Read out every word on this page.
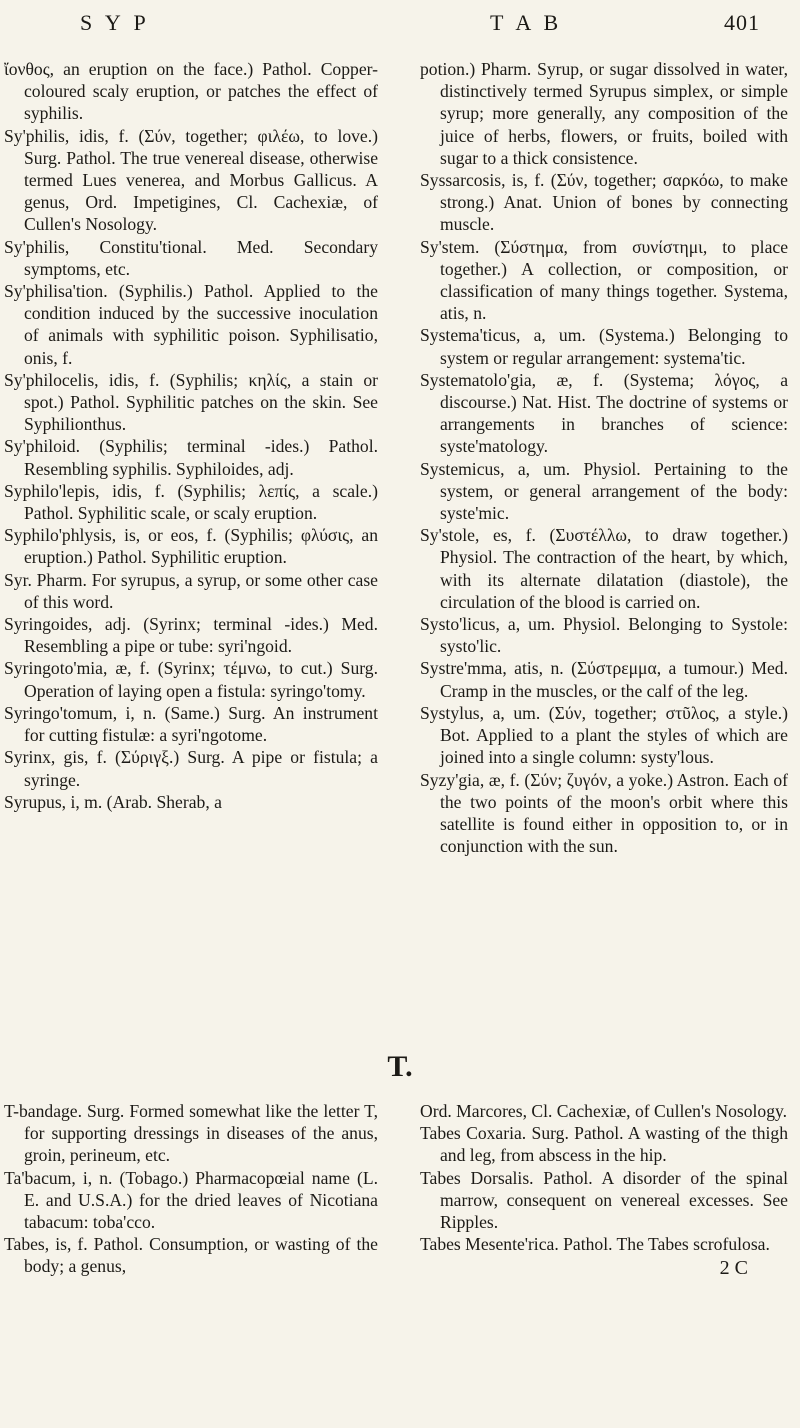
S Y P	T A B	401

ἴονθος, an eruption on the face.) Pathol. Copper-coloured scaly eruption, or patches the effect of syphilis.

Sy'philis, idis, f. (Σύν, together; φιλέω, to love.) Surg. Pathol. The true venereal disease, otherwise termed Lues venerea, and Morbus Gallicus. A genus, Ord. Impetigines, Cl. Cachexiæ, of Cullen's Nosology.

Sy'philis, Constitu'tional. Med. Secondary symptoms, etc.

Sy'philisa'tion. (Syphilis.) Pathol. Applied to the condition induced by the successive inoculation of animals with syphilitic poison. Syphilisatio, onis, f.

Sy'philocelis, idis, f. (Syphilis; κηλίς, a stain or spot.) Pathol. Syphilitic patches on the skin. See Syphilionthus.

Sy'philoid. (Syphilis; terminal -ides.) Pathol. Resembling syphilis. Syphiloides, adj.

Syphilo'lepis, idis, f. (Syphilis; λεπίς, a scale.) Pathol. Syphilitic scale, or scaly eruption.

Syphilo'phlysis, is, or eos, f. (Syphilis; φλύσις, an eruption.) Pathol. Syphilitic eruption.

Syr. Pharm. For syrupus, a syrup, or some other case of this word.

Syringoides, adj. (Syrinx; terminal -ides.) Med. Resembling a pipe or tube: syri'ngoid.

Syringoto'mia, æ, f. (Syrinx; τέμνω, to cut.) Surg. Operation of laying open a fistula: syringo'tomy.

Syringo'tomum, i, n. (Same.) Surg. An instrument for cutting fistulæ: a syri'ngotome.

Syrinx, gis, f. (Σύριγξ.) Surg. A pipe or fistula; a syringe.

Syrupus, i, m. (Arab. Sherab, a

potion.) Pharm. Syrup, or sugar dissolved in water, distinctively termed Syrupus simplex, or simple syrup; more generally, any composition of the juice of herbs, flowers, or fruits, boiled with sugar to a thick consistence.

Syssarcosis, is, f. (Σύν, together; σαρκόω, to make strong.) Anat. Union of bones by connecting muscle.

Sy'stem. (Σύστημα, from συνίστημι, to place together.) A collection, or composition, or classification of many things together. Systema, atis, n.

Systema'ticus, a, um. (Systema.) Belonging to system or regular arrangement: systema'tic.

Systematolo'gia, æ, f. (Systema; λόγος, a discourse.) Nat. Hist. The doctrine of systems or arrangements in branches of science: syste'matology.

Systemicus, a, um. Physiol. Pertaining to the system, or general arrangement of the body: syste'mic.

Sy'stole, es, f. (Συστέλλω, to draw together.) Physiol. The contraction of the heart, by which, with its alternate dilatation (diastole), the circulation of the blood is carried on.

Systo'licus, a, um. Physiol. Belonging to Systole: systo'lic.

Systre'mma, atis, n. (Σύστρεμμα, a tumour.) Med. Cramp in the muscles, or the calf of the leg.

Systylus, a, um. (Σύν, together; στῦλος, a style.) Bot. Applied to a plant the styles of which are joined into a single column: systy'lous.

Syzy'gia, æ, f. (Σύν; ζυγόν, a yoke.) Astron. Each of the two points of the moon's orbit where this satellite is found either in opposition to, or in conjunction with the sun.

T.

T-bandage. Surg. Formed somewhat like the letter T, for supporting dressings in diseases of the anus, groin, perineum, etc.

Ta'bacum, i, n. (Tobago.) Pharmacopœial name (L. E. and U.S.A.) for the dried leaves of Nicotiana tabacum: toba'cco.

Tabes, is, f. Pathol. Consumption, or wasting of the body; a genus,

Ord. Marcores, Cl. Cachexiæ, of Cullen's Nosology.

Tabes Coxaria. Surg. Pathol. A wasting of the thigh and leg, from abscess in the hip.

Tabes Dorsalis. Pathol. A disorder of the spinal marrow, consequent on venereal excesses. See Ripples.

Tabes Mesente'rica. Pathol. The Tabes scrofulosa.

2 C
